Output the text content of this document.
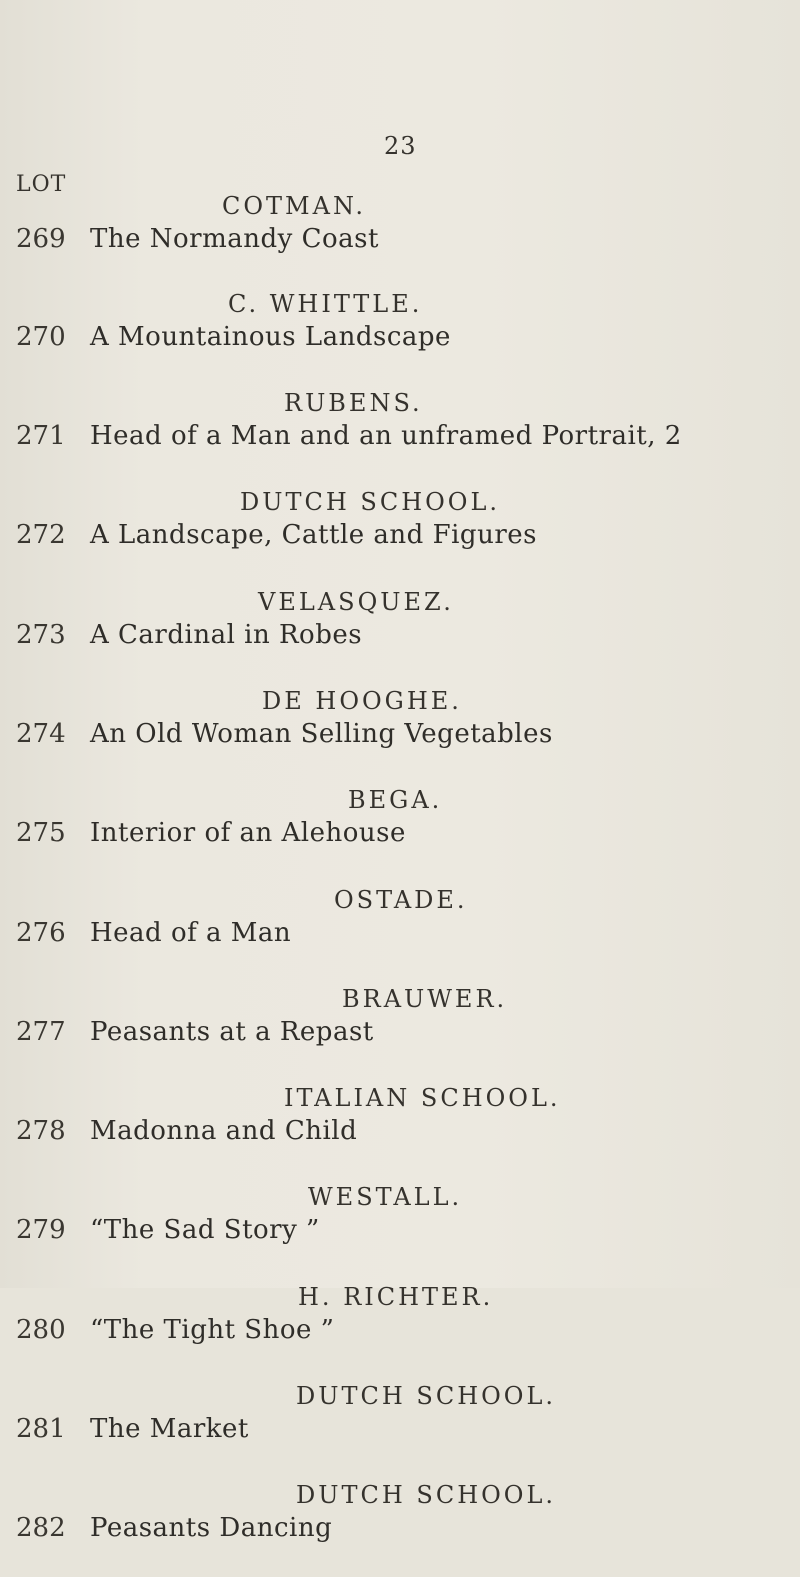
23
LOT
COTMAN.
269 The Normandy Coast
C. WHITTLE.
270 A Mountainous Landscape
RUBENS.
271 Head of a Man and an unframed Portrait, 2
DUTCH SCHOOL.
272 A Landscape, Cattle and Figures
VELASQUEZ.
273 A Cardinal in Robes
DE HOOGHE.
274 An Old Woman Selling Vegetables
BEGA.
275 Interior of an Alehouse
OSTADE.
276 Head of a Man
BRAUWER.
277 Peasants at a Repast
ITALIAN SCHOOL.
278 Madonna and Child
WESTALL.
279 “The Sad Story ”
H. RICHTER.
280 “The Tight Shoe ”
DUTCH SCHOOL.
281 The Market
DUTCH SCHOOL.
282 Peasants Dancing
